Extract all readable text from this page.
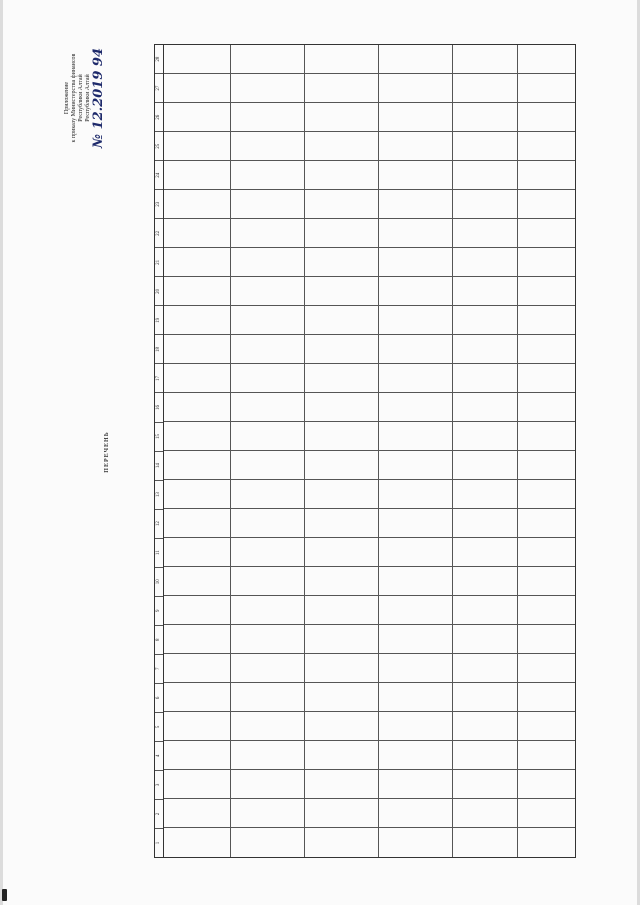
Приложение к приказу Министерства финансов Республики Алтай Республики Алтай № 12.2019 94
ПЕРЕЧЕНЬ
1
2
3
4
5
6
7
8
9
10
11
12
13
14
15
16
17
18
19
20
21
22
23
24
25
26
27
28
